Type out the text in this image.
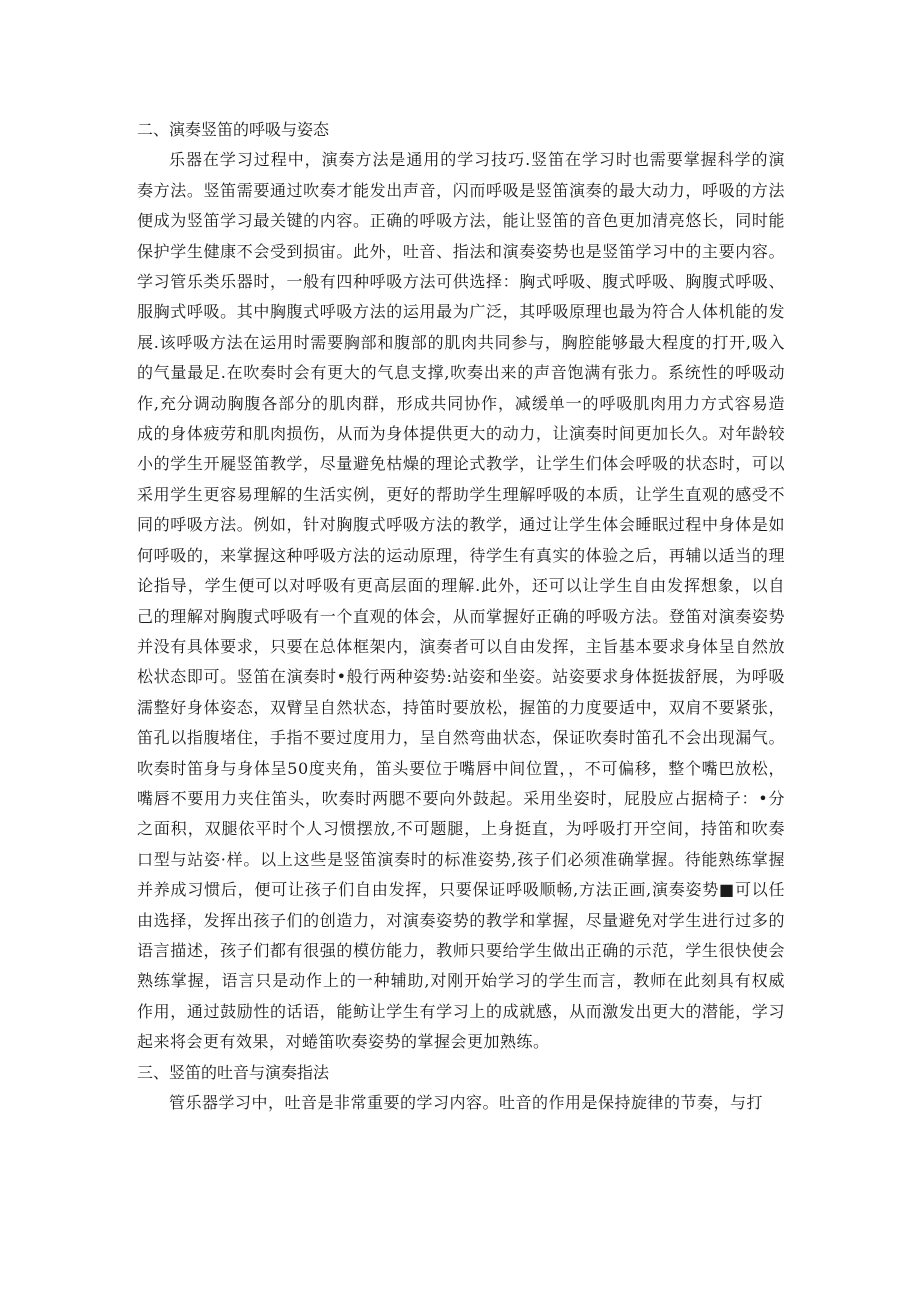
二、演奏竖笛的呼吸与姿态

乐器在学习过程中，演奏方法是通用的学习技巧.竖笛在学习时也需要掌握科学的演奏方法。竖笛需要通过吹奏才能发出声音，闪而呼吸是竖笛演奏的最大动力，呼吸的方法便成为竖笛学习最关键的内容。正确的呼吸方法，能让竖笛的音色更加清亮悠长，同时能保护学生健康不会受到损宙。此外，吐音、指法和演奏姿势也是竖笛学习中的主要内容。学习管乐类乐器时，一般有四种呼吸方法可供选择：胸式呼吸、腹式呼吸、胸腹式呼吸、服胸式呼吸。其中胸腹式呼吸方法的运用最为广泛，其呼吸原理也最为符合人体机能的发展.该呼吸方法在运用时需要胸部和腹部的肌肉共同参与，胸腔能够最大程度的打开,吸入的气量最足.在吹奏时会有更大的气息支撑,吹奏出来的声音饱满有张力。系统性的呼吸动作,充分调动胸腹各部分的肌肉群，形成共同协作，减缓单一的呼吸肌肉用力方式容易造成的身体疲劳和肌肉损伤，从而为身体提供更大的动力，让演奏时间更加长久。对年龄较小的学生开屣竖笛教学，尽量避免枯燥的理论式教学，让学生们体会呼吸的状态时，可以采用学生更容易理解的生活实例，更好的帮助学生理解呼吸的本质，让学生直观的感受不同的呼吸方法。例如，针对胸腹式呼吸方法的教学，通过让学生体会睡眠过程中身体是如何呼吸的，来掌握这种呼吸方法的运动原理，待学生有真实的体验之后，再辅以适当的理论指导，学生便可以对呼吸有更高层面的理解.此外，还可以让学生自由发挥想象，以自己的理解对胸腹式呼吸有一个直观的体会，从而掌握好正确的呼吸方法。登笛对演奏姿势并没有具体要求，只要在总体框架内，演奏者可以自由发挥，主旨基本要求身体呈自然放松状态即可。竖笛在演奏时•般行两种姿势:站姿和坐姿。站姿要求身体挺拔舒展，为呼吸濡整好身体姿态，双臂呈自然状态，持笛时要放松，握笛的力度要适中，双肩不要紧张，笛孔以指腹堵住，手指不要过度用力，呈自然弯曲状态，保证吹奏时笛孔不会出现漏气。吹奏时笛身与身体呈50度夹角，笛头要位于嘴唇中间位置，，不可偏移，整个嘴巴放松，嘴唇不要用力夹住笛头，吹奏时两腮不要向外鼓起。采用坐姿时，屁股应占据椅子：•分之面积，双腿依平时个人习惯摆放,不可题腿，上身挺直，为呼吸打开空间，持笛和吹奏口型与站姿·样。以上这些是竖笛演奏时的标准姿势,孩子们必须准确掌握。待能熟练掌握并养成习惯后，便可让孩子们自由发挥，只要保证呼吸顺畅,方法正画,演奏姿势■可以任由选择，发挥出孩子们的创造力，对演奏姿势的教学和掌握，尽量避免对学生进行过多的语言描述，孩子们都有很强的模仿能力，教师只要给学生做出正确的示范，学生很快使会熟练掌握，语言只是动作上的一种辅助,对刚开始学习的学生而言，教师在此刻具有权威作用，通过鼓励性的话语，能鲂让学生有学习上的成就感，从而激发出更大的潜能，学习起来将会更有效果，对蜷笛吹奏姿势的掌握会更加熟练。

三、竖笛的吐音与演奏指法

管乐器学习中，吐音是非常重要的学习内容。吐音的作用是保持旋律的节奏，与打
